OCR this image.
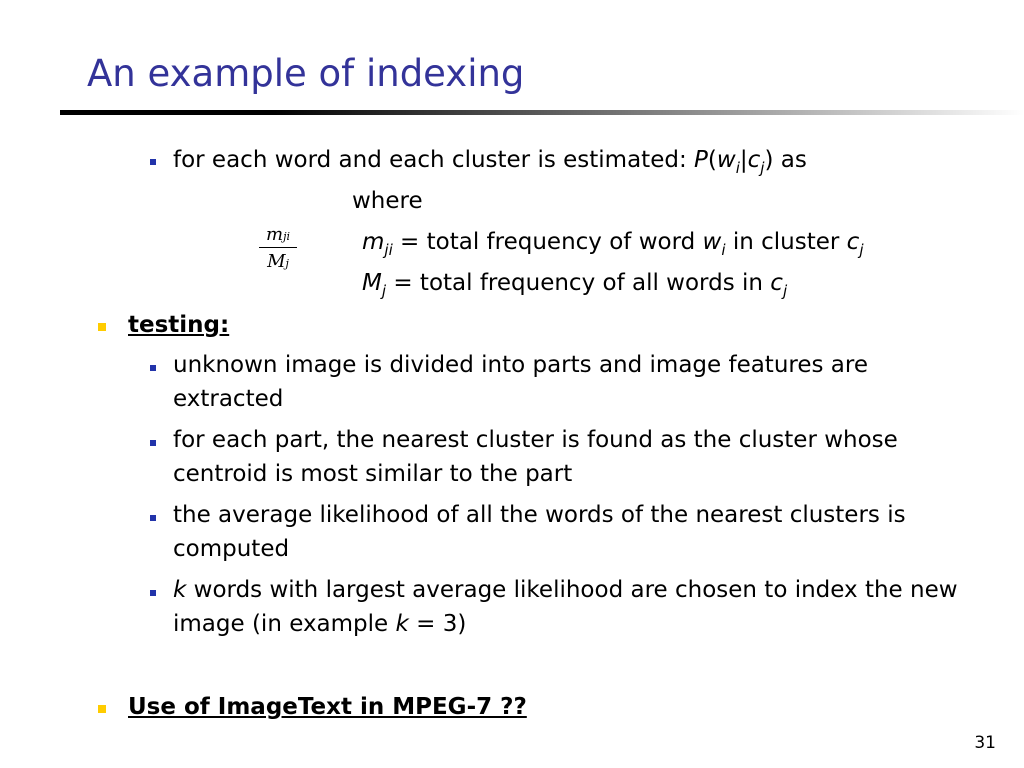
An example of indexing
for each word and each cluster is estimated: $P(w_i|c_j)$ as
where
mji
Mj
$m_{ji}$ = total frequency of word $w_i$ in cluster $c_j$
$M_j$ = total frequency of all words in $c_j$
testing:
unknown image is divided into parts and image features are extracted
for each part, the nearest cluster is found as the cluster whose centroid is most similar to the part
the average likelihood of all the words of the nearest clusters is computed
k words with largest average likelihood are chosen to index the new image (in example k = 3)
Use of ImageText in MPEG-7 ??
31
